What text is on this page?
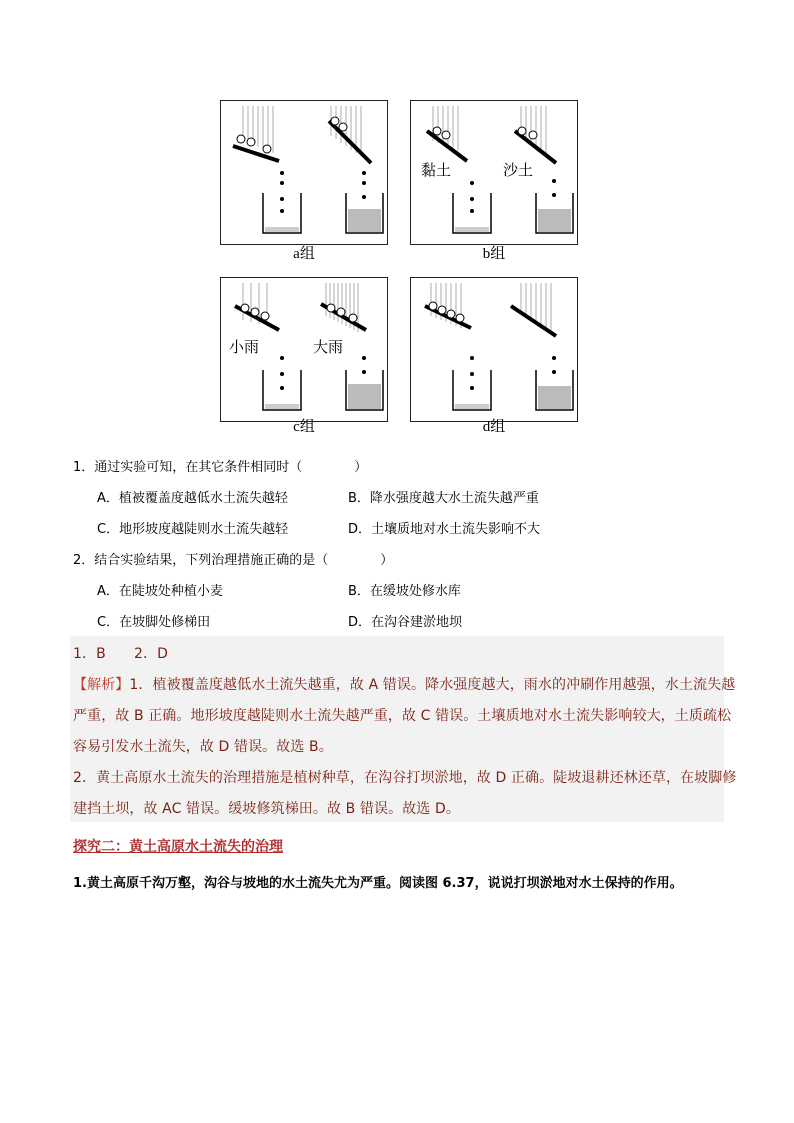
a组
黏土	沙土
b组
小雨	大雨
c组	d组
1．通过实验可知，在其它条件相同时（　　　　）
A．植被覆盖度越低水土流失越轻	B．降水强度越大水土流失越严重
C．地形坡度越陡则水土流失越轻	D．土壤质地对水土流失影响不大
2．结合实验结果，下列治理措施正确的是（　　　　）
A．在陡坡处种植小麦	B．在缓坡处修水库
C．在坡脚处修梯田	D．在沟谷建淤地坝
1．B　　2．D
【解析】1．植被覆盖度越低水土流失越重，故 A 错误。降水强度越大，雨水的冲刷作用越强，水土流失越
严重，故 B 正确。地形坡度越陡则水土流失越严重，故 C 错误。土壤质地对水土流失影响较大，土质疏松
容易引发水土流失，故 D 错误。故选 B。
2．黄土高原水土流失的治理措施是植树种草，在沟谷打坝淤地，故 D 正确。陡坡退耕还林还草，在坡脚修
建挡土坝，故 AC 错误。缓坡修筑梯田。故 B 错误。故选 D。
探究二：黄土高原水土流失的治理
1.黄土高原千沟万壑，沟谷与坡地的水土流失尤为严重。阅读图 6.37，说说打坝淤地对水土保持的作用。
